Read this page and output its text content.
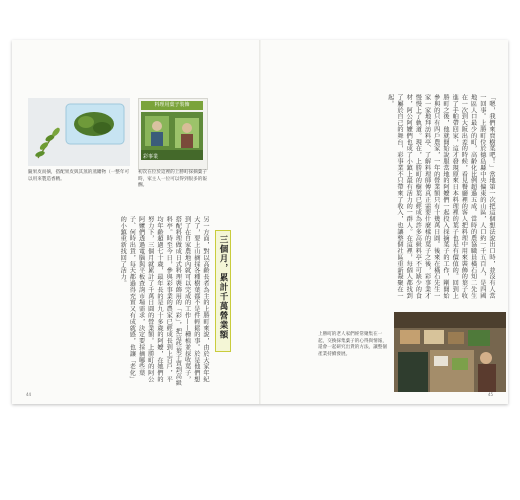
隨果皮而摘，搭配果皮與其蒸的蒸餾物（一整年可以用來製造香精。
料理用葉子裝飾
彩事業
初次在位於這裡的上勝町採摘葉子時，家主人一位可以得到很多的報酬。
三個月，累計千萬營業額
另一方面，對以高齡長者為主的上勝町來說，由於大家年紀大了，要上山摘採各種樹葉都不是件輕鬆的事。於是他們想到了在自家農地內就可以完成的工作——種植並採收葉子，搭配料理做成日式料理裝飾用的「彩」，把這些葉子賣到高級料亭。時至今日，參與彩事業的農家已經成長到上百戶，平均年齡超過七十歲，最年長的是九十多歲的阿嬤，在她們的努力下，三個月就累計了千萬日圓的營業額。上勝町的阿公阿嬤們透過電腦與平板查詢市場需求，決定要採摘哪些葉子、何時出貨，每天都過得充實又有成就感，也讓「老化」的小鎮重新找回了活力。
44
「嗯，我們來賣樹葉吧！」當地第一次把這個想法說出口時，並沒有人當一回事。上勝町位於德島縣中央偏東的山區，人口約一千五百人，是四國地區人口最少的町，高齡化比例超過五成。當時的農協職員橫石知二先生在一次到大阪出差的時候，看見餐廳裡的客人把料理中用來裝飾的葉子收進了手帕帶回家，這才發現原來日本料理裡的葉子也是有價值的。回到上勝町之後，他就開始說服當地的阿嬤們一起投入採摘葉子的工作，剛開始參與的只有四戶農家，一年的營業額只有十幾萬日圓。後來在橫石先生一家一家地拜訪料亭、了解料理師傅真正需要什麼樣的葉子之後，彩事業才慢慢上了軌道。現在，上勝町的樹葉已經成為許多高級料亭不可缺少的食材，阿公阿嬤們也成了小鎮上最有活力的一群人。在這裡，每個人都找到了屬於自己的舞台，彩事業不只帶來了收入，也讓整個社區重新凝聚在一起。
上勝町的老人家們經常聚集在一起，交換採集葉子的心得與情報，還會一起研究出貨的方法，讓整個產業持續發展。
45
